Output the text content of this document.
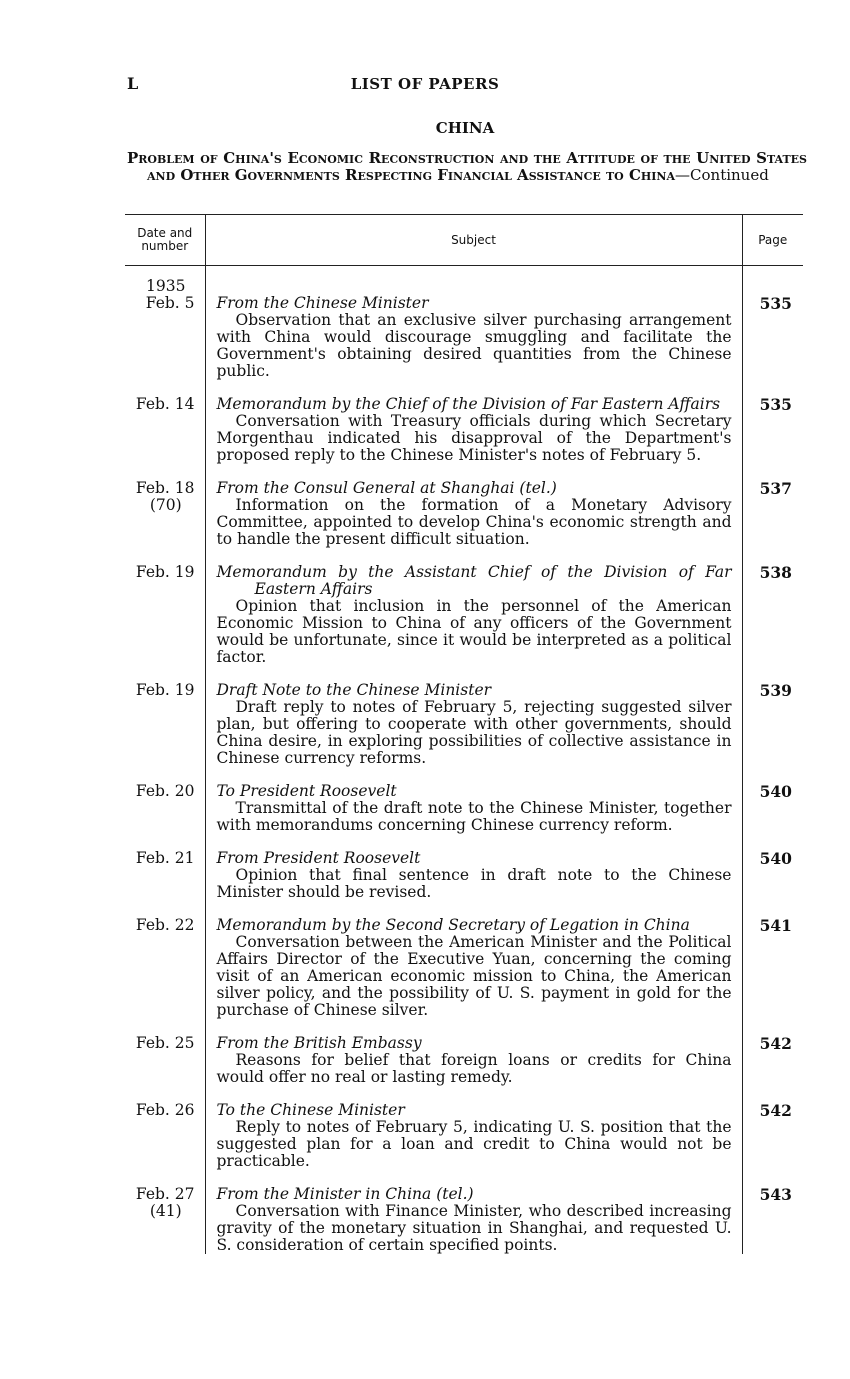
L	LIST OF PAPERS
CHINA
Problem of China's Economic Reconstruction and the Attitude of the United States and Other Governments Respecting Financial Assistance to China—Continued
Date and number	Subject	Page

1935		

Feb. 5	From the Chinese Minister
Observation that an exclusive silver purchasing arrangement with China would discourage smuggling and facilitate the Government's obtaining desired quantities from the Chinese public.	535
Feb. 14	Memorandum by the Chief of the Division of Far Eastern Affairs
Conversation with Treasury officials during which Secretary Morgenthau indicated his disapproval of the Department's proposed reply to the Chinese Minister's notes of February 5.	535
Feb. 18
(70)	From the Consul General at Shanghai (tel.)
Information on the formation of a Monetary Advisory Committee, appointed to develop China's economic strength and to handle the present difficult situation.	537
Feb. 19	Memorandum by the Assistant Chief of the Division of Far Eastern Affairs
Opinion that inclusion in the personnel of the American Economic Mission to China of any officers of the Government would be unfortunate, since it would be interpreted as a political factor.	538
Feb. 19	Draft Note to the Chinese Minister
Draft reply to notes of February 5, rejecting suggested silver plan, but offering to cooperate with other governments, should China desire, in exploring possibilities of collective assistance in Chinese currency reforms.	539
Feb. 20	To President Roosevelt
Transmittal of the draft note to the Chinese Minister, together with memorandums concerning Chinese currency reform.	540
Feb. 21	From President Roosevelt
Opinion that final sentence in draft note to the Chinese Minister should be revised.	540
Feb. 22	Memorandum by the Second Secretary of Legation in China
Conversation between the American Minister and the Political Affairs Director of the Executive Yuan, concerning the coming visit of an American economic mission to China, the American silver policy, and the possibility of U. S. payment in gold for the purchase of Chinese silver.	541
Feb. 25	From the British Embassy
Reasons for belief that foreign loans or credits for China would offer no real or lasting remedy.	542
Feb. 26	To the Chinese Minister
Reply to notes of February 5, indicating U. S. position that the suggested plan for a loan and credit to China would not be practicable.	542
Feb. 27
(41)	From the Minister in China (tel.)
Conversation with Finance Minister, who described increasing gravity of the monetary situation in Shanghai, and requested U. S. consideration of certain specified points.	543
